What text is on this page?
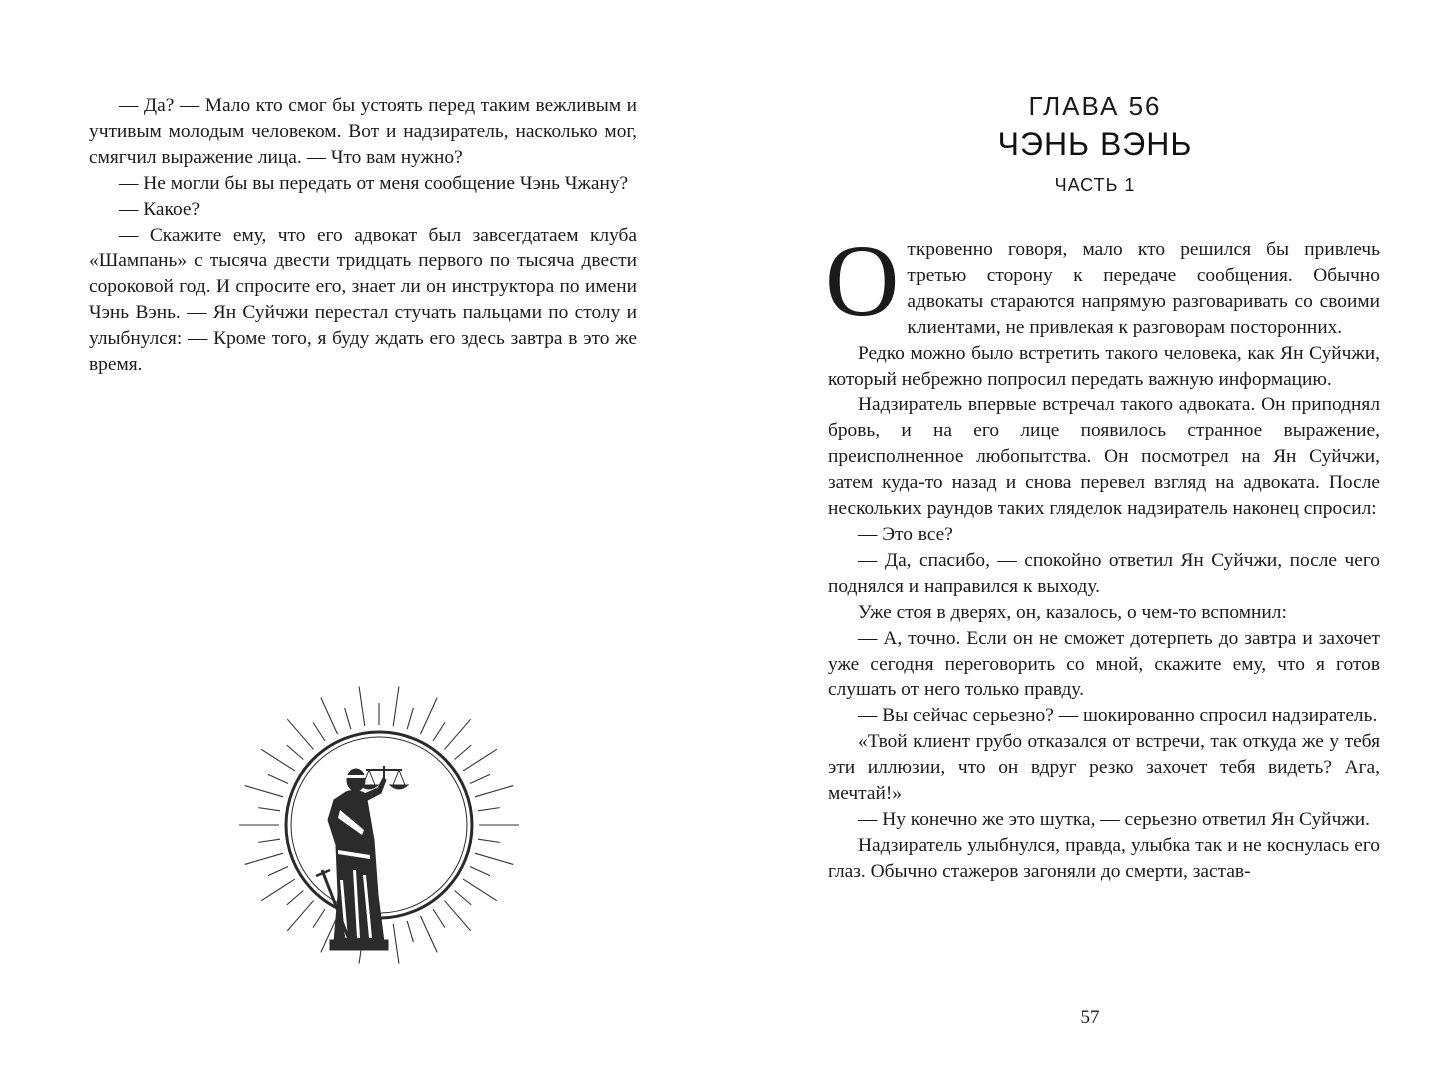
— Да? — Мало кто смог бы устоять перед таким вежливым и учтивым молодым человеком. Вот и надзиратель, насколько мог, смягчил выражение лица. — Что вам нужно?

— Не могли бы вы передать от меня сообщение Чэнь Чжану?

— Какое?

— Скажите ему, что его адвокат был завсегдатаем клуба «Шампань» с тысяча двести тридцать первого по тысяча двести сороковой год. И спросите его, знает ли он инструктора по имени Чэнь Вэнь. — Ян Суйчжи перестал стучать пальцами по столу и улыбнулся: — Кроме того, я буду ждать его здесь завтра в это же время.

ГЛАВА 56

ЧЭНЬ ВЭНЬ

ЧАСТЬ 1

Откровенно говоря, мало кто решился бы привлечь третью сторону к передаче сообщения. Обычно адвокаты стараются напрямую разговаривать со своими клиентами, не привлекая к разговорам посторонних.

Редко можно было встретить такого человека, как Ян Суйчжи, который небрежно попросил передать важную информацию.

Надзиратель впервые встречал такого адвоката. Он приподнял бровь, и на его лице появилось странное выражение, преисполненное любопытства. Он посмотрел на Ян Суйчжи, затем куда-то назад и снова перевел взгляд на адвоката. После нескольких раундов таких гляделок надзиратель наконец спросил:

— Это все?

— Да, спасибо, — спокойно ответил Ян Суйчжи, после чего поднялся и направился к выходу.

Уже стоя в дверях, он, казалось, о чем-то вспомнил:

— А, точно. Если он не сможет дотерпеть до завтра и захочет уже сегодня переговорить со мной, скажите ему, что я готов слушать от него только правду.

— Вы сейчас серьезно? — шокированно спросил надзиратель.

«Твой клиент грубо отказался от встречи, так откуда же у тебя эти иллюзии, что он вдруг резко захочет тебя видеть? Ага, мечтай!»

— Ну конечно же это шутка, — серьезно ответил Ян Суйчжи.

Надзиратель улыбнулся, правда, улыбка так и не коснулась его глаз. Обычно стажеров загоняли до смерти, застав-

57
